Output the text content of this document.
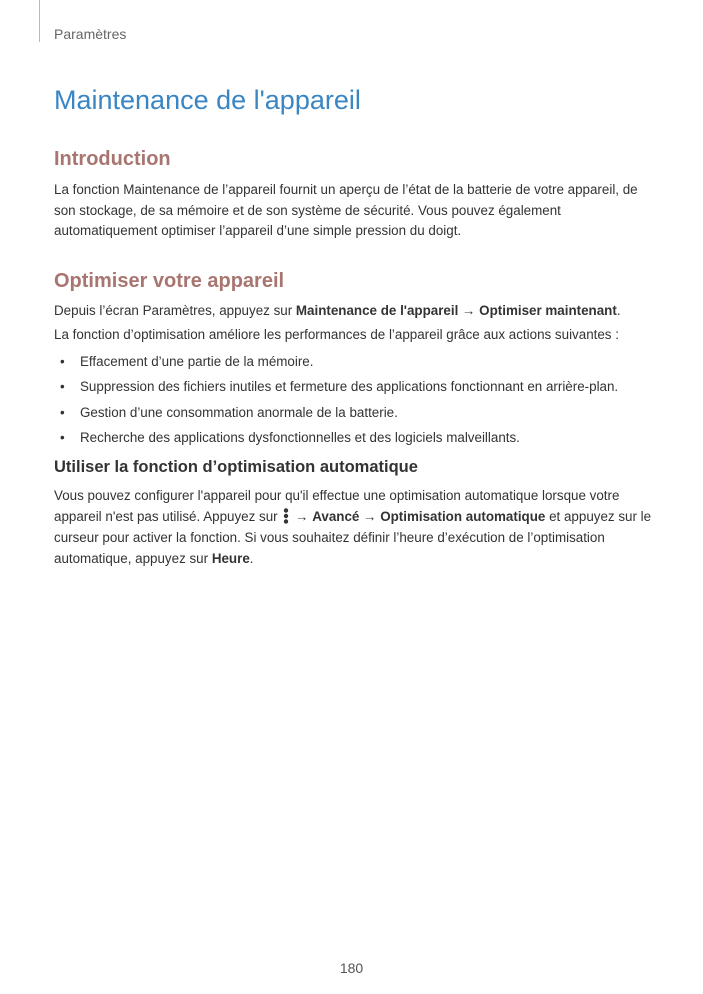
Paramètres
Maintenance de l'appareil
Introduction

La fonction Maintenance de l’appareil fournit un aperçu de l’état de la batterie de votre appareil, de son stockage, de sa mémoire et de son système de sécurité. Vous pouvez également automatiquement optimiser l’appareil d’une simple pression du doigt.

Optimiser votre appareil

Depuis l’écran Paramètres, appuyez sur Maintenance de l'appareil → Optimiser maintenant.

La fonction d’optimisation améliore les performances de l’appareil grâce aux actions suivantes :

• Effacement d’une partie de la mémoire.
• Suppression des fichiers inutiles et fermeture des applications fonctionnant en arrière-plan.
• Gestion d’une consommation anormale de la batterie.
• Recherche des applications dysfonctionnelles et des logiciels malveillants.
Utiliser la fonction d’optimisation automatique

Vous pouvez configurer l'appareil pour qu'il effectue une optimisation automatique lorsque votre appareil n'est pas utilisé. Appuyez sur  → Avancé → Optimisation automatique et appuyez sur le curseur pour activer la fonction. Si vous souhaitez définir l’heure d’exécution de l’optimisation automatique, appuyez sur Heure.

180
